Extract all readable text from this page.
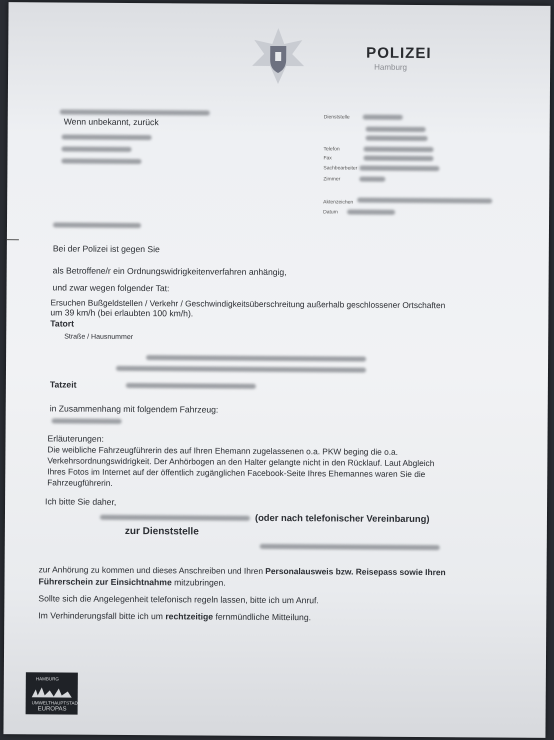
POLIZEI
Hamburg
Wenn unbekannt, zurück	Dienststelle
Telefon
Fax
Sachbearbeiter
Zimmer
Aktenzeichen
Datum
Bei der Polizei ist gegen Sie
als Betroffene/r ein Ordnungswidrigkeitenverfahren anhängig,
und zwar wegen folgender Tat:
Ersuchen Bußgeldstellen / Verkehr / Geschwindigkeitsüberschreitung außerhalb geschlossener Ortschaften
um 39 km/h (bei erlaubten 100 km/h).
Tatort
Straße / Hausnummer
Tatzeit
in Zusammenhang mit folgendem Fahrzeug:
Erläuterungen:
Die weibliche Fahrzeugführerin des auf Ihren Ehemann zugelassenen o.a. PKW beging die o.a.
Verkehrsordnungswidrigkeit. Der Anhörbogen an den Halter gelangte nicht in den Rücklauf. Laut Abgleich
Ihres Fotos im Internet auf der öffentlich zugänglichen Facebook-Seite Ihres Ehemannes waren Sie die
Fahrzeugführerin.
Ich bitte Sie daher,
(oder nach telefonischer Vereinbarung)
zur Dienststelle
zur Anhörung zu kommen und dieses Anschreiben und Ihren Personalausweis bzw. Reisepass sowie Ihren
Führerschein zur Einsichtnahme mitzubringen.
Sollte sich die Angelegenheit telefonisch regeln lassen, bitte ich um Anruf.
Im Verhinderungsfall bitte ich um rechtzeitige fernmündliche Mitteilung.
HAMBURG
UMWELTHAUPTSTADT
EUROPAS
